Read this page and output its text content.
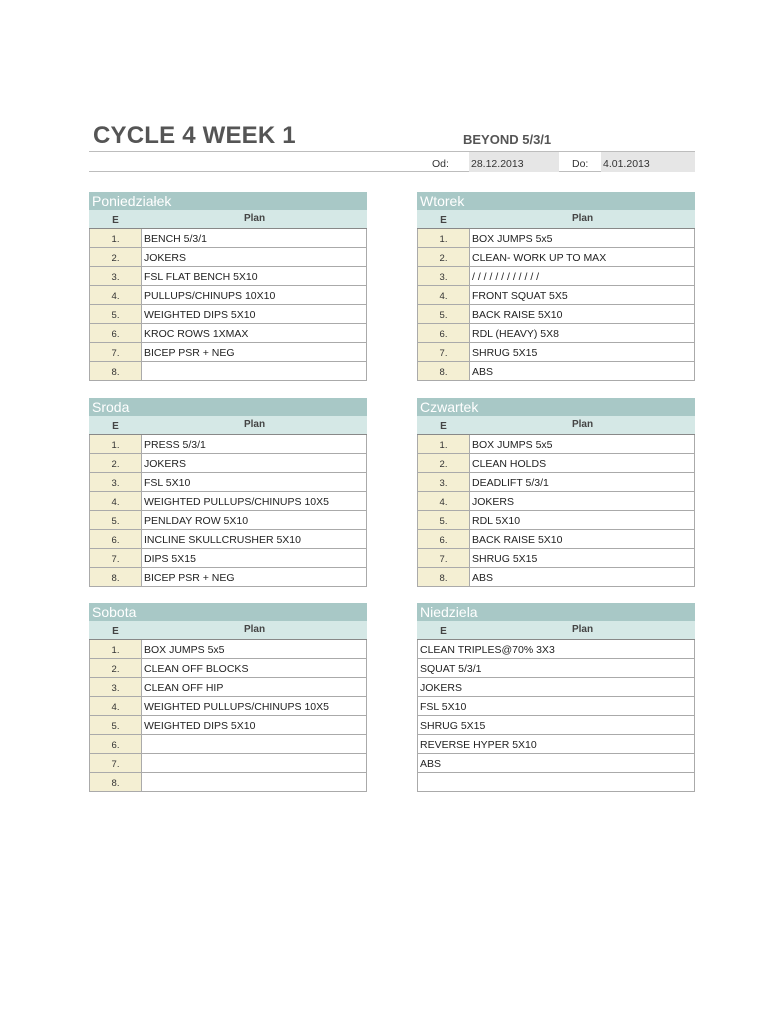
CYCLE 4 WEEK 1	BEYOND 5/3/1
Od: 28.12.2013	Do: 4.01.2013
Poniedziałek
E	Plan
1.	BENCH 5/3/1
2.	JOKERS
3.	FSL FLAT BENCH 5X10
4.	PULLUPS/CHINUPS 10X10
5.	WEIGHTED DIPS 5X10
6.	KROC ROWS 1XMAX
7.	BICEP PSR + NEG
8.
Wtorek
E	Plan
1.	BOX JUMPS 5x5
2.	CLEAN- WORK UP TO MAX
3.	/ / / / / / / / / / / /
4.	FRONT SQUAT 5X5
5.	BACK RAISE 5X10
6.	RDL (HEAVY) 5X8
7.	SHRUG 5X15
8.	ABS
Sroda
E	Plan
1.	PRESS 5/3/1
2.	JOKERS
3.	FSL 5X10
4.	WEIGHTED PULLUPS/CHINUPS 10X5
5.	PENLDAY ROW 5X10
6.	INCLINE SKULLCRUSHER 5X10
7.	DIPS 5X15
8.	BICEP PSR + NEG
Czwartek
E	Plan
1.	BOX JUMPS 5x5
2.	CLEAN HOLDS
3.	DEADLIFT 5/3/1
4.	JOKERS
5.	RDL 5X10
6.	BACK RAISE 5X10
7.	SHRUG 5X15
8.	ABS
Sobota
E	Plan
1.	BOX JUMPS 5x5
2.	CLEAN OFF BLOCKS
3.	CLEAN OFF HIP
4.	WEIGHTED PULLUPS/CHINUPS 10X5
5.	WEIGHTED DIPS 5X10
6.
7.
8.
Niedziela
E	Plan
CLEAN TRIPLES@70% 3X3
SQUAT 5/3/1
JOKERS
FSL 5X10
SHRUG 5X15
REVERSE HYPER 5X10
ABS
